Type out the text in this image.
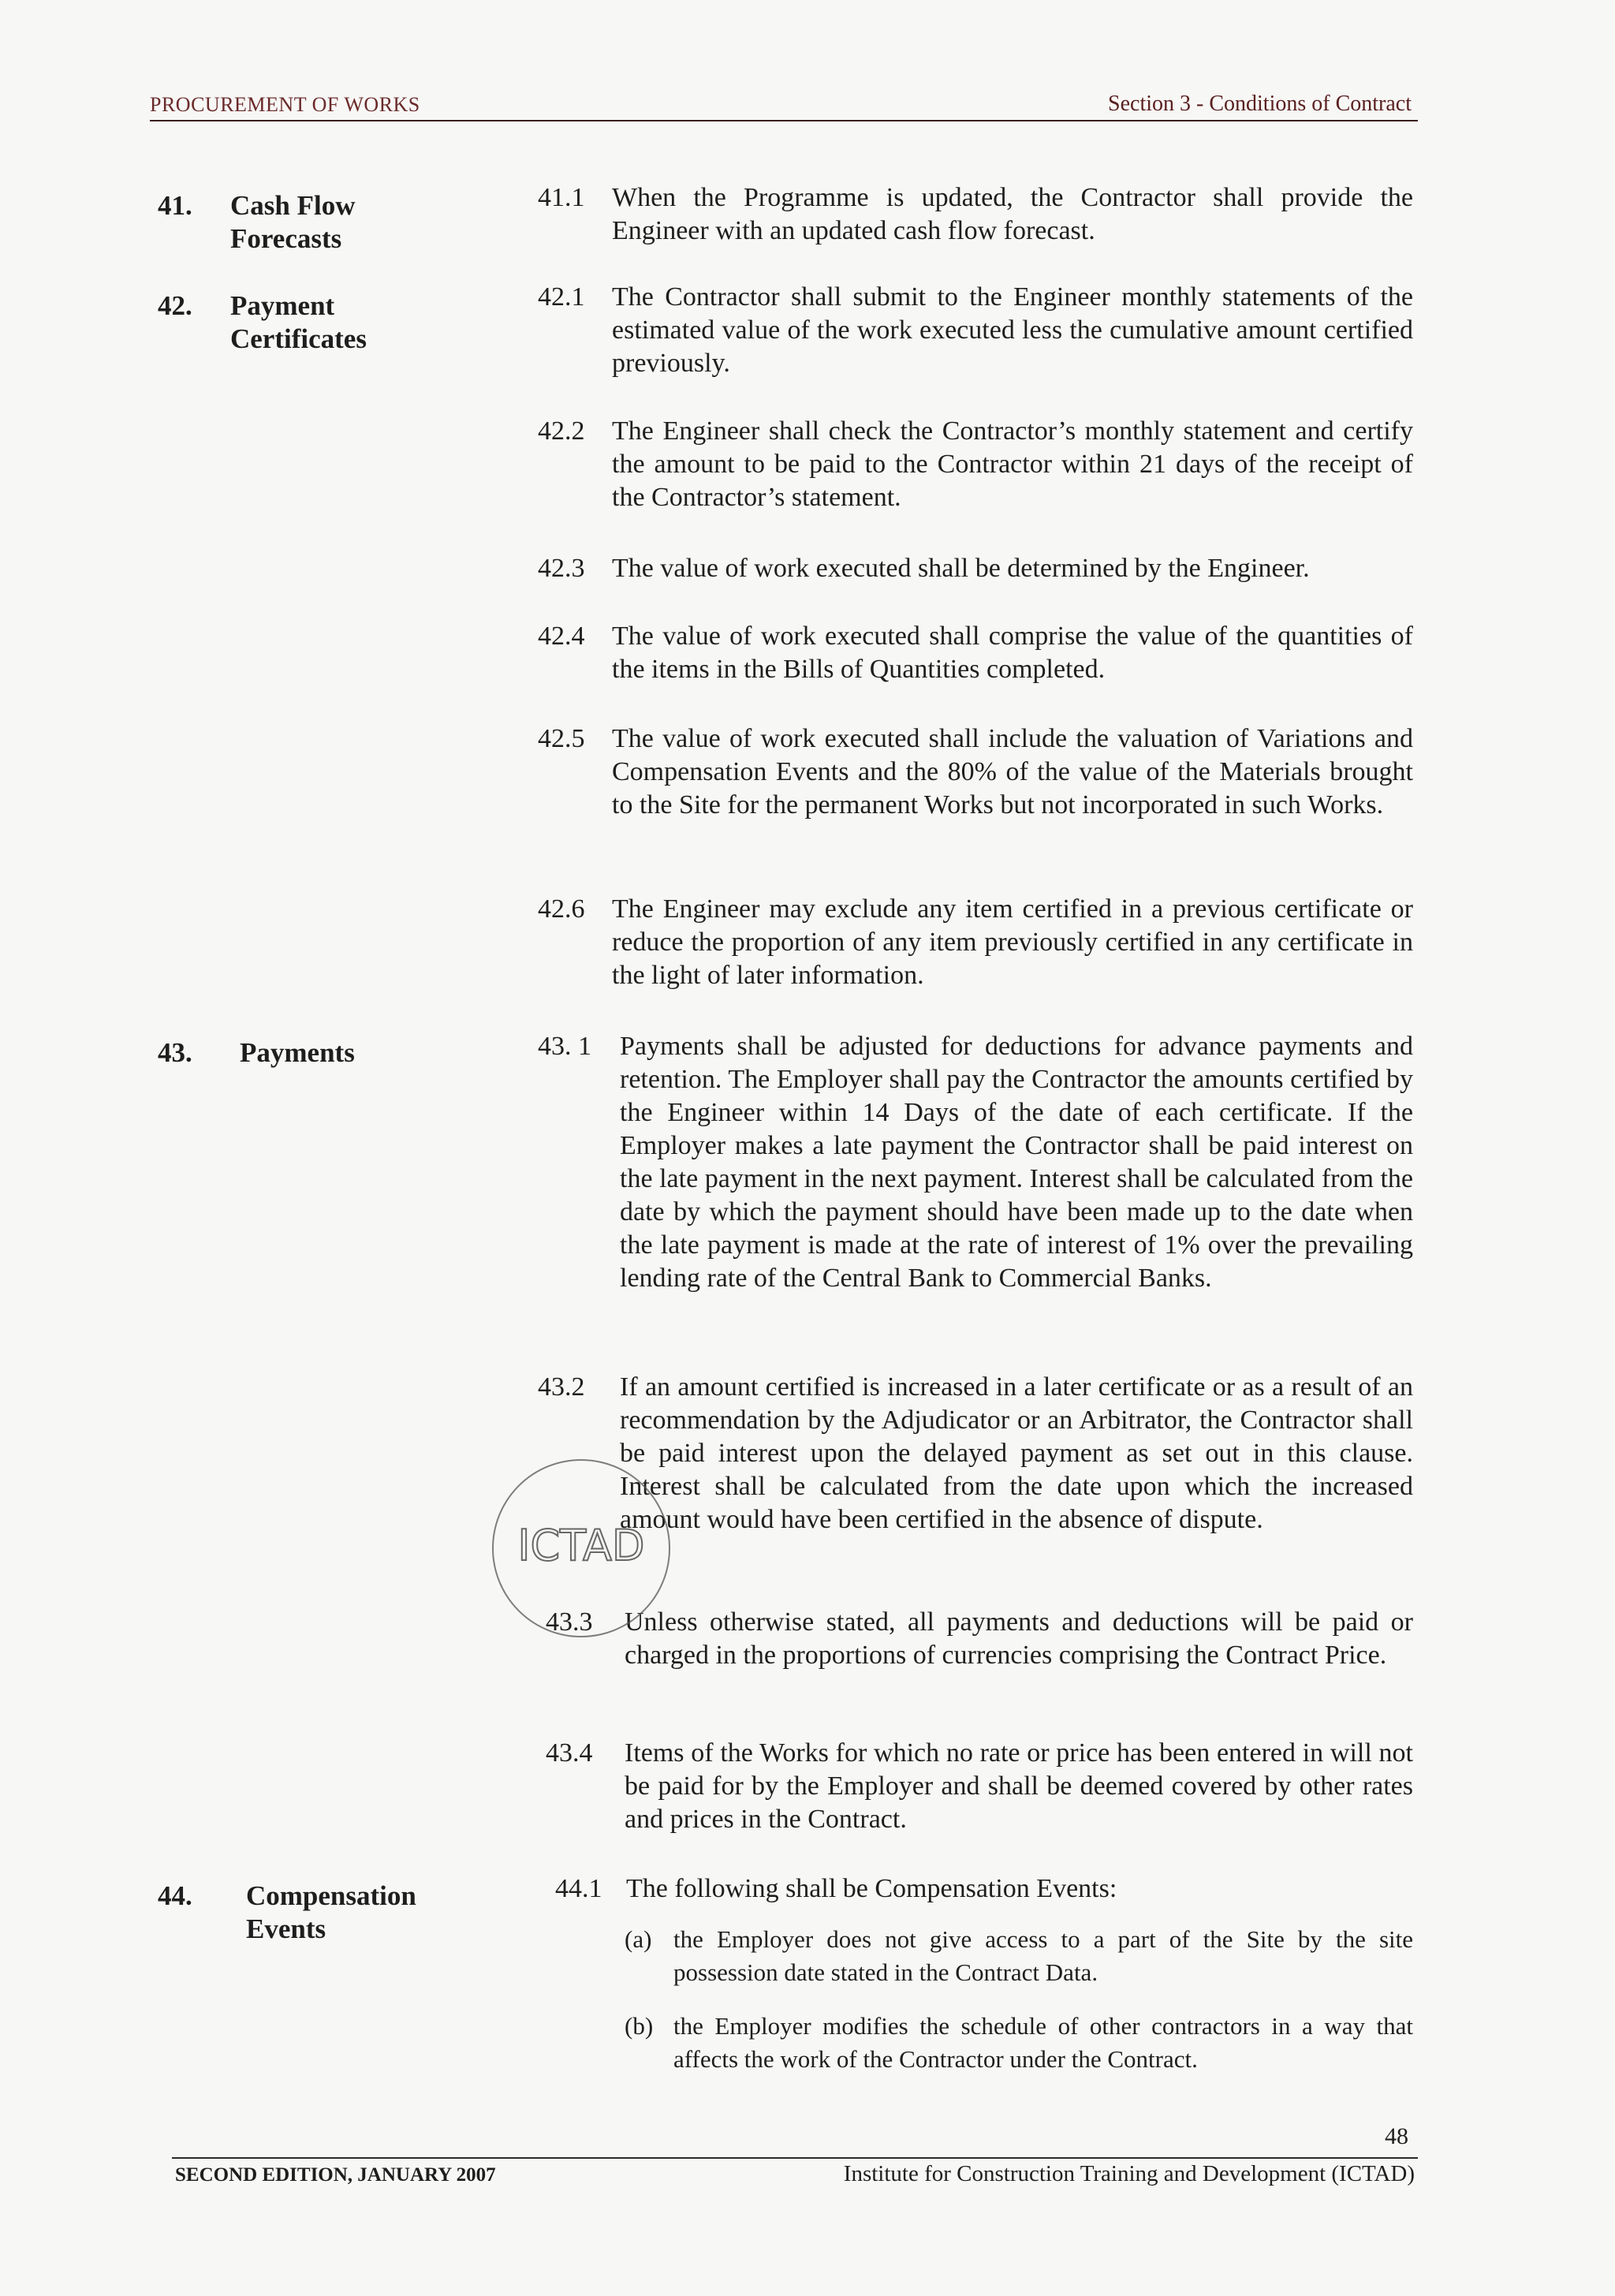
PROCUREMENT OF WORKS	Section 3 - Conditions of Contract
41. Cash Flow Forecasts
42. Payment Certificates
43. Payments
44. Compensation Events
41.1 When the Programme is updated, the Contractor shall provide the Engineer with an updated cash flow forecast.
42.1 The Contractor shall submit to the Engineer monthly statements of the estimated value of the work executed less the cumulative amount certified previously.
42.2 The Engineer shall check the Contractor’s monthly statement and certify the amount to be paid to the Contractor within 21 days of the receipt of the Contractor’s statement.
42.3 The value of work executed shall be determined by the Engineer.
42.4 The value of work executed shall comprise the value of the quantities of the items in the Bills of Quantities completed.
42.5 The value of work executed shall include the valuation of Variations and Compensation Events and the 80% of the value of the Materials brought to the Site for the permanent Works but not incorporated in such Works.
42.6 The Engineer may exclude any item certified in a previous certificate or reduce the proportion of any item previously certified in any certificate in the light of later information.
43. 1 Payments shall be adjusted for deductions for advance payments and retention. The Employer shall pay the Contractor the amounts certified by the Engineer within 14 Days of the date of each certificate. If the Employer makes a late payment the Contractor shall be paid interest on the late payment in the next payment. Interest shall be calculated from the date by which the payment should have been made up to the date when the late payment is made at the rate of interest of 1% over the prevailing lending rate of the Central Bank to Commercial Banks.
43.2 If an amount certified is increased in a later certificate or as a result of an recommendation by the Adjudicator or an Arbitrator, the Contractor shall be paid interest upon the delayed payment as set out in this clause. Interest shall be calculated from the date upon which the increased amount would have been certified in the absence of dispute.
43.3 Unless otherwise stated, all payments and deductions will be paid or charged in the proportions of currencies comprising the Contract Price.
43.4 Items of the Works for which no rate or price has been entered in will not be paid for by the Employer and shall be deemed covered by other rates and prices in the Contract.
44.1 The following shall be Compensation Events:
(a) the Employer does not give access to a part of the Site by the site possession date stated in the Contract Data.
(b) the Employer modifies the schedule of other contractors in a way that affects the work of the Contractor under the Contract.
ICTAD
48
SECOND EDITION, JANUARY 2007	Institute for Construction Training and Development (ICTAD)
